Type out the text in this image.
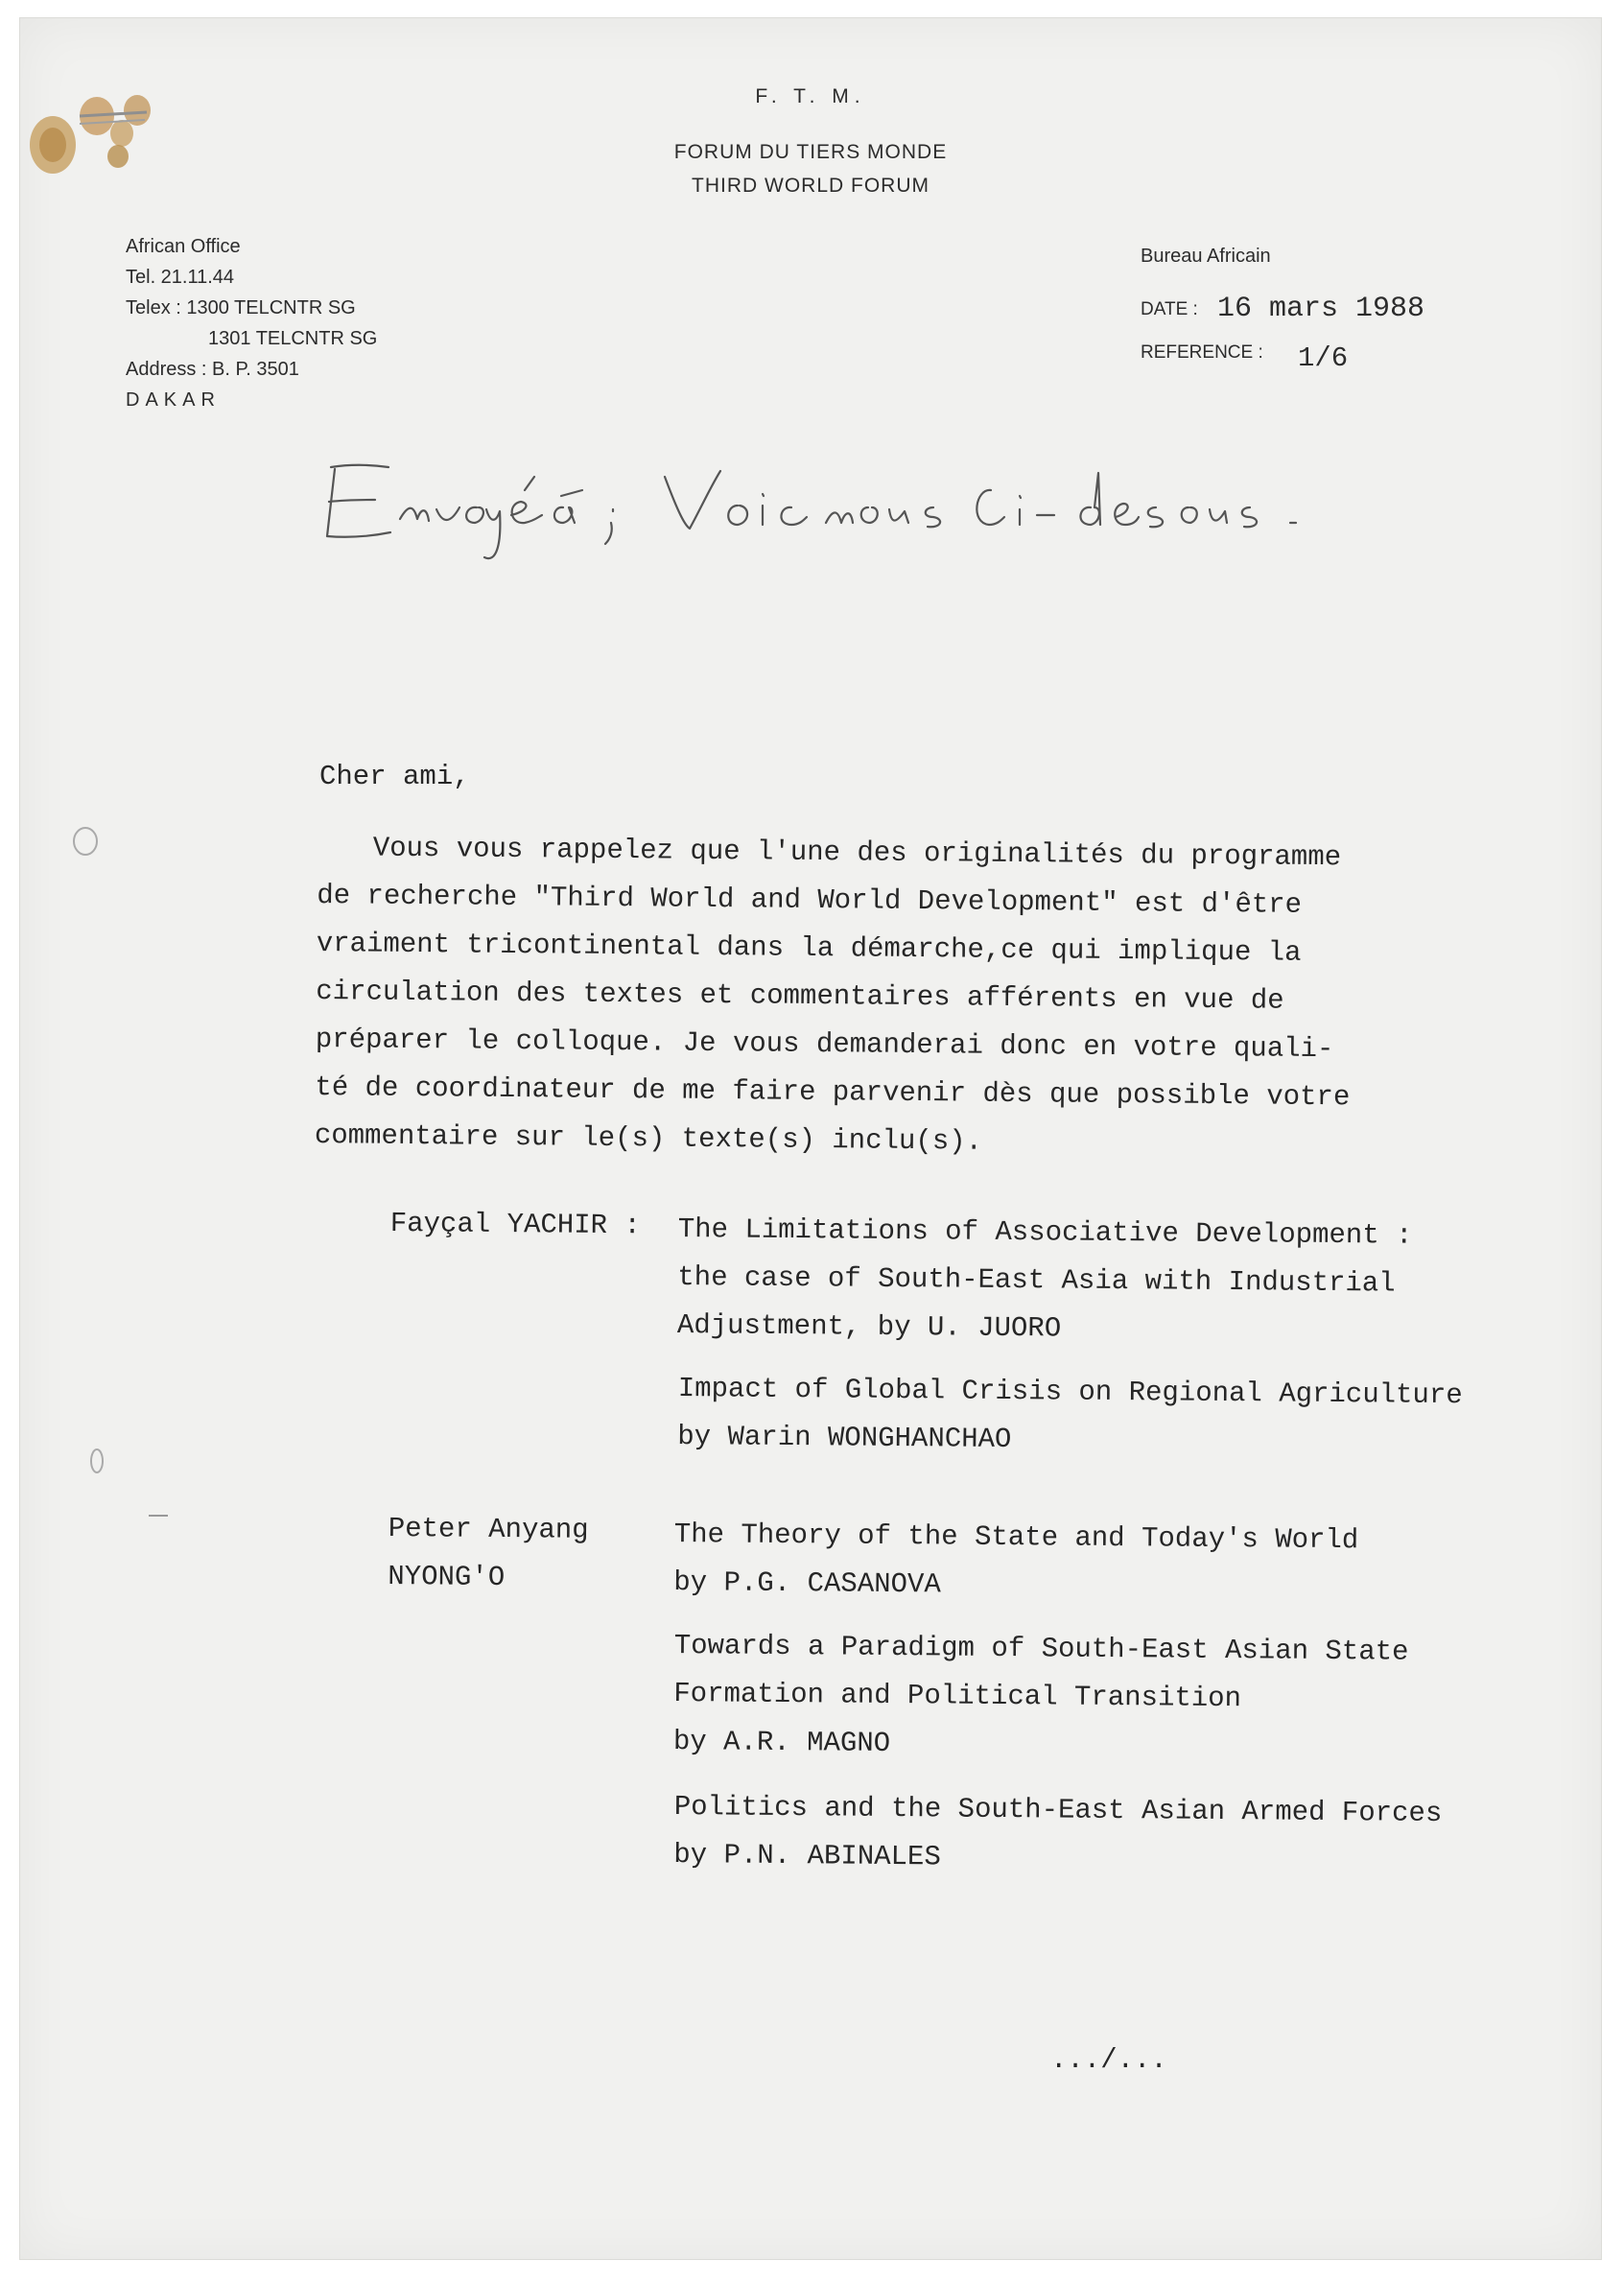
F. T. M.
FORUM DU TIERS MONDE
THIRD WORLD FORUM
African Office
Tel. 21.11.44
Telex : 1300 TELCNTR SG
1301 TELCNTR SG
Address : B. P. 3501
DAKAR
Bureau Africain
DATE : 16 mars 1988
REFERENCE : 1/6
Cher ami,
Vous vous rappelez que l'une des originalités du programme
de recherche "Third World and World Development" est d'être
vraiment tricontinental dans la démarche,ce qui implique la
circulation des textes et commentaires afférents en vue de
préparer le colloque. Je vous demanderai donc en votre quali-
té de coordinateur de me faire parvenir dès que possible votre
commentaire sur le(s) texte(s) inclu(s).
Fayçal YACHIR : The Limitations of Associative Development :
the case of South-East Asia with Industrial
Adjustment, by U. JUORO
Impact of Global Crisis on Regional Agriculture
by Warin WONGHANCHAO
Peter Anyang
NYONG'O
The Theory of the State and Today's World
by P.G. CASANOVA
Towards a Paradigm of South-East Asian State
Formation and Political Transition
by A.R. MAGNO
Politics and the South-East Asian Armed Forces
by P.N. ABINALES
.../...
